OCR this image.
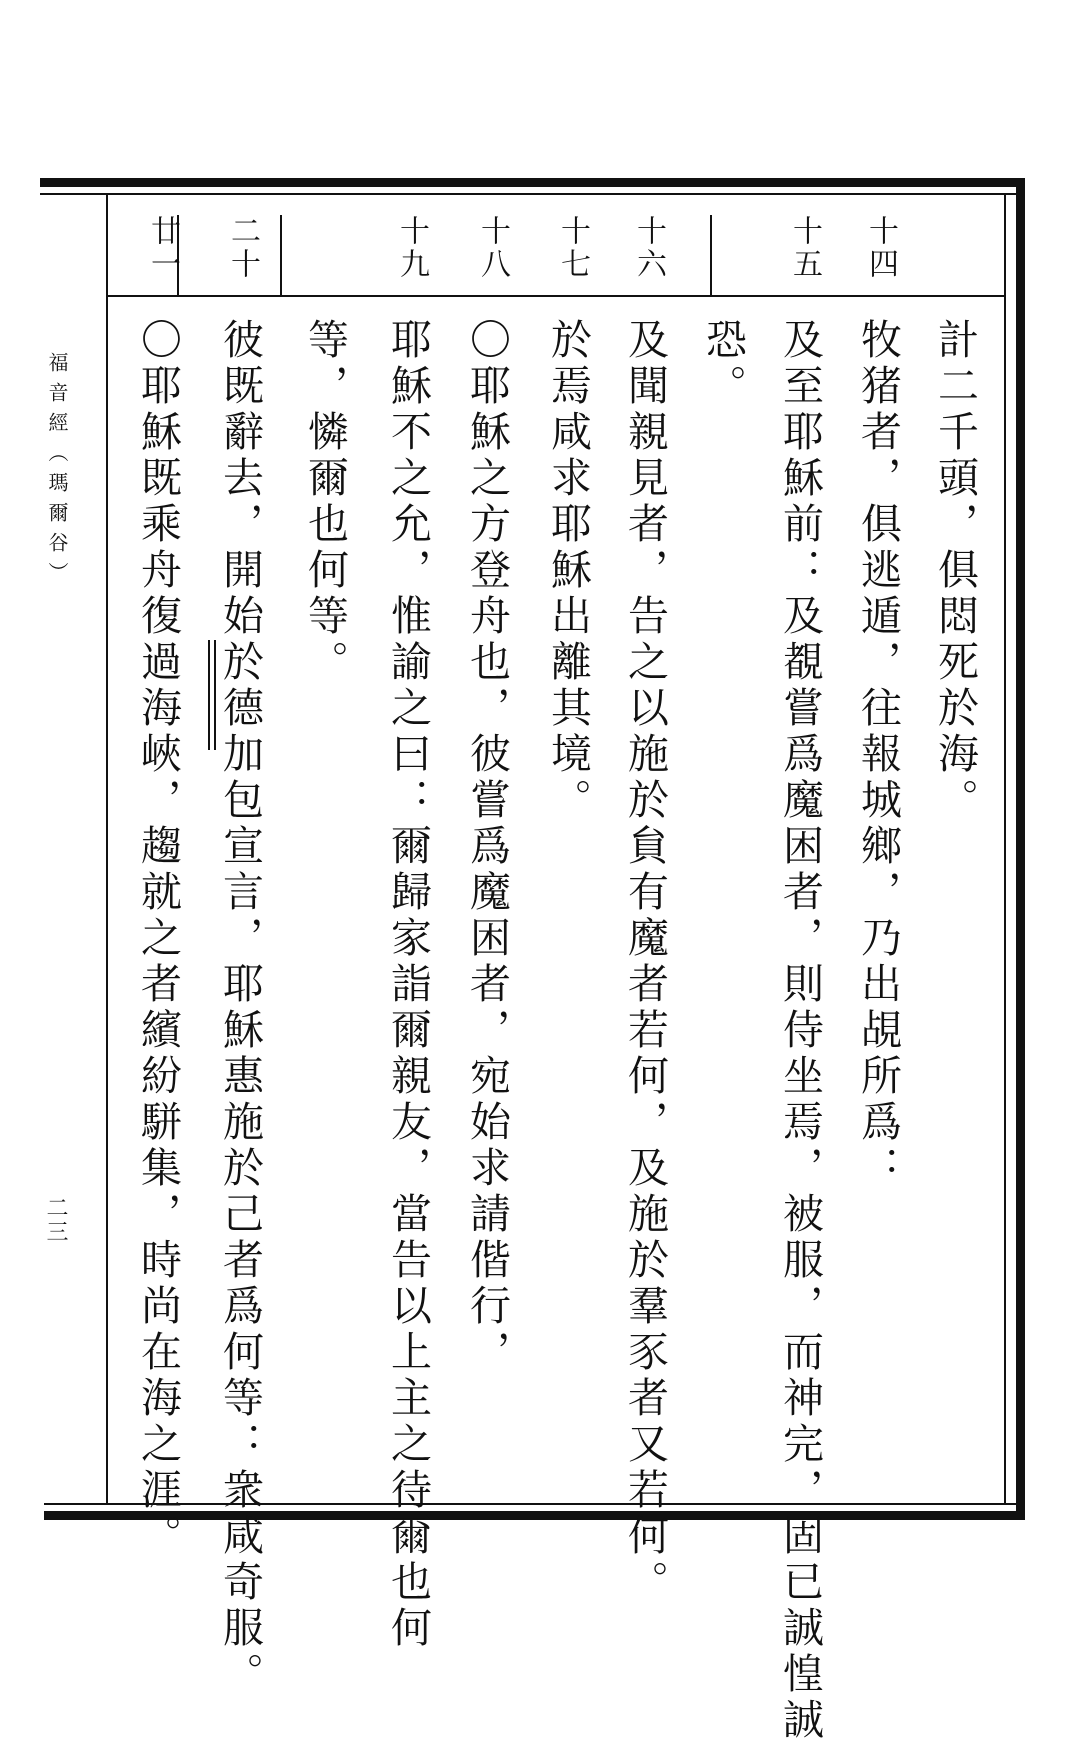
福音經（瑪爾谷）
二三
十四
十五
十六
十七
十八
十九
二十
廿一
計二千頭，俱悶死於海。
牧猪者，俱逃遁，往報城鄉，乃出覘所爲：
恐。 及至耶穌前：及覩嘗爲魔困者，則侍坐焉，被服，而神完，固已誠惶誠
及聞親見者，告之以施於貟有魔者若何，及施於羣豕者又若何。
於焉咸求耶穌出離其境。
〇耶穌之方登舟也，彼嘗爲魔困者，宛始求請偕行，
耶穌不之允，惟諭之曰：爾歸家詣爾親友，當告以上主之待爾也何
等，憐爾也何等。
彼既辭去，開始於德加包宣言，耶穌惠施於己者爲何等：衆咸奇服。
〇耶穌既乘舟復過海峽，趨就之者繽紛駢集，時尚在海之涯。
